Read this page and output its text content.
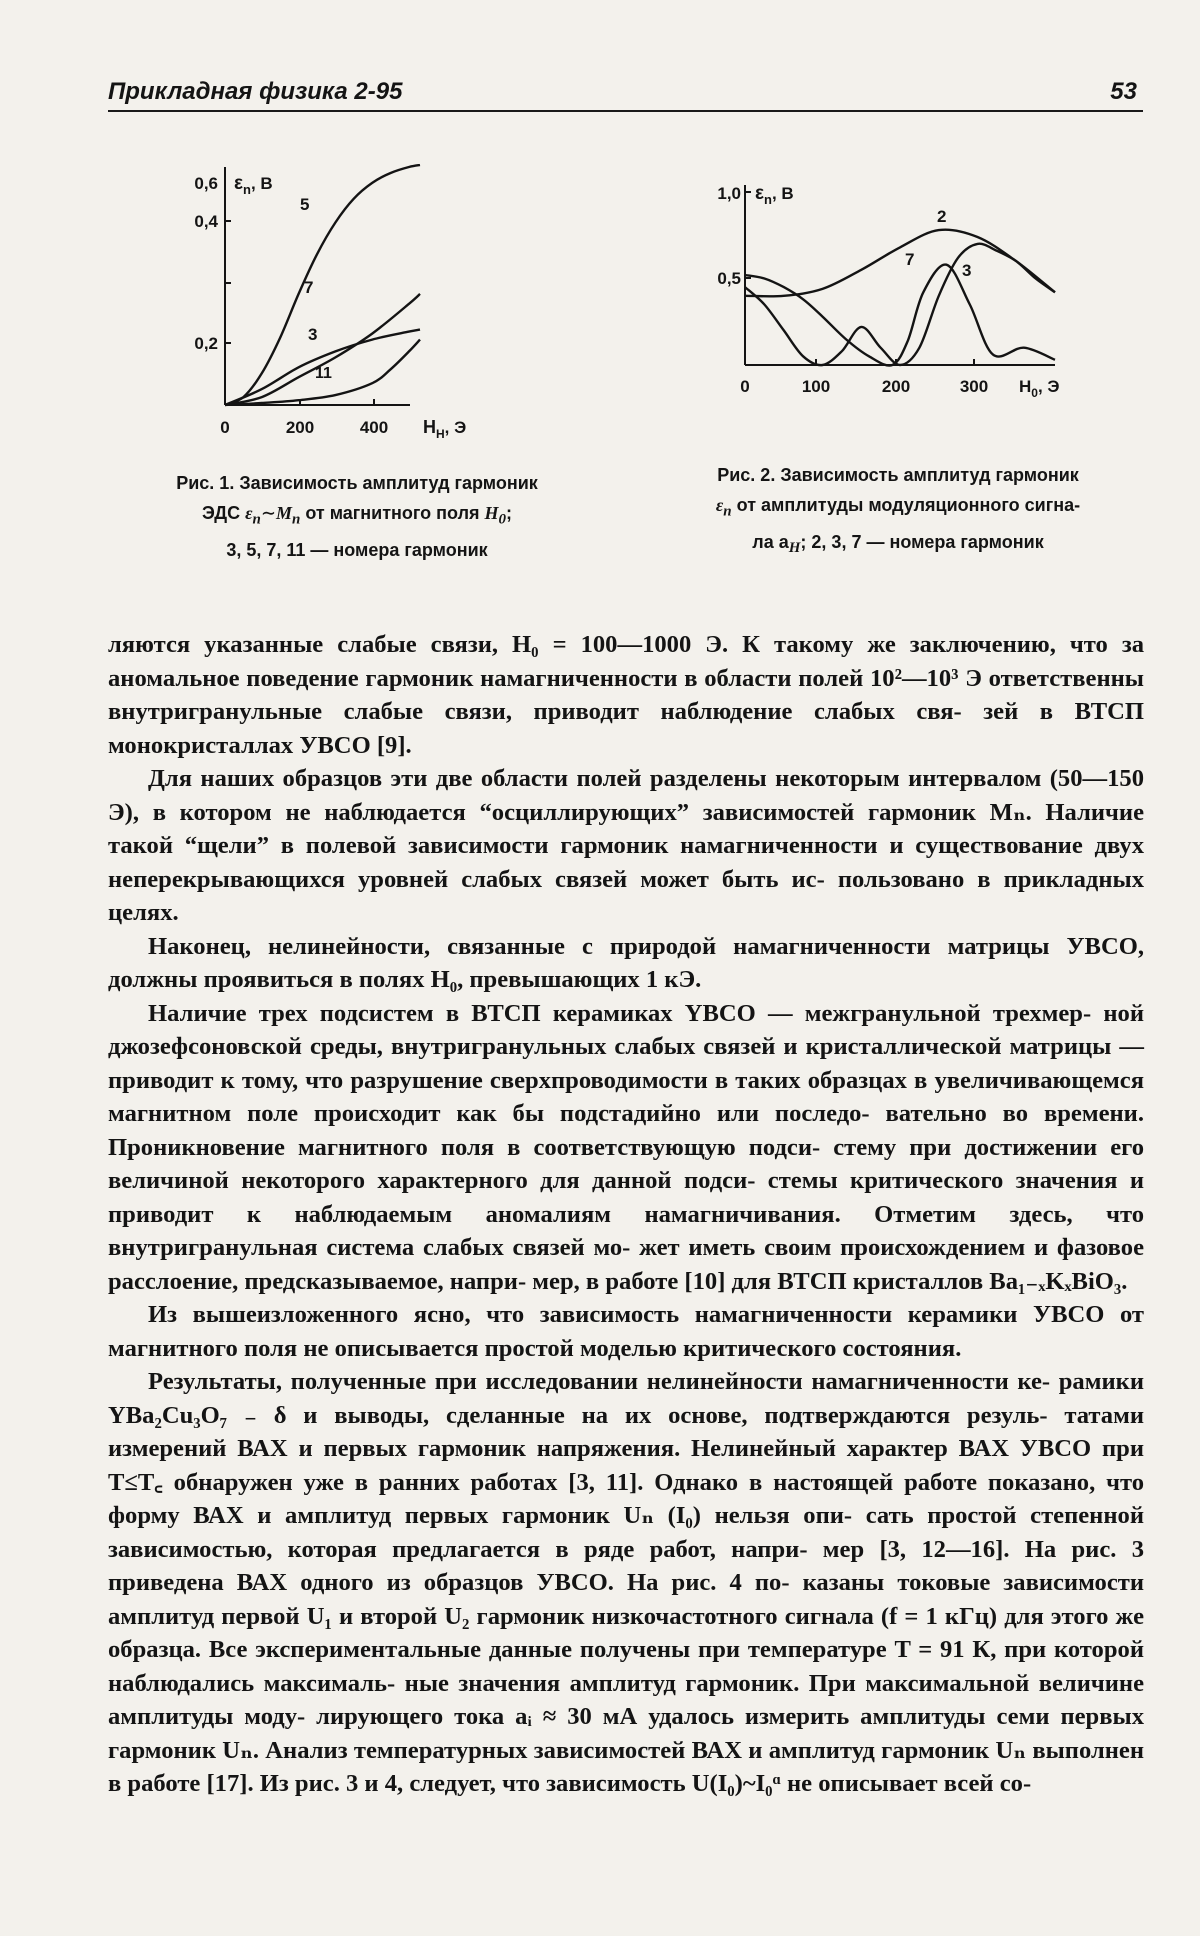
Прикладная физика 2-95	53
0,6
0,4
0,2
0	200	400
$\varepsilon_n$, В
$Н_H$, Э
5
7
3
11
Рис. 1. Зависимость амплитуд гармоник
ЭДС $\varepsilon_n\sim M_n$ от магнитного поля $H_0$;
3, 5, 7, 11 — номера гармоник
1,0
0,5
0	100	200	300
$\varepsilon_n$, В
$Н_0$, Э
2
7
3
Рис. 2. Зависимость амплитуд гармоник
$\varepsilon_n$ от амплитуды модуляционного сигна-
ла $a_H$; 2, 3, 7 — номера гармоник

ляются указанные слабые связи, H₀ = 100—1000 Э. К такому же заключению, что за аномальное поведение гармоник намагниченности в области полей 10²—10³ Э ответственны внутригранульные слабые связи, приводит наблюдение слабых свя- зей в ВТСП монокристаллах УВСО [9].

Для наших образцов эти две области полей разделены некоторым интервалом (50—150 Э), в котором не наблюдается “осциллирующих” зависимостей гармоник Mₙ. Наличие такой “щели” в полевой зависимости гармоник намагниченности и существование двух неперекрывающихся уровней слабых связей может быть ис- пользовано в прикладных целях.

Наконец, нелинейности, связанные с природой намагниченности матрицы УВСО, должны проявиться в полях H₀, превышающих 1 кЭ.

Наличие трех подсистем в ВТСП керамиках YBCO — межгранульной трехмер- ной джозефсоновской среды, внутригранульных слабых связей и кристаллической матрицы — приводит к тому, что разрушение сверхпроводимости в таких образцах в увеличивающемся магнитном поле происходит как бы подстадийно или последо- вательно во времени. Проникновение магнитного поля в соответствующую подси- стему при достижении его величиной некоторого характерного для данной подси- стемы критического значения и приводит к наблюдаемым аномалиям намагничивания. Отметим здесь, что внутригранульная система слабых связей мо- жет иметь своим происхождением и фазовое расслоение, предсказываемое, напри- мер, в работе [10] для ВТСП кристаллов Ba₁₋ₓKₓBiO₃.

Из вышеизложенного ясно, что зависимость намагниченности керамики УВСО от магнитного поля не описывается простой моделью критического состояния.

Результаты, полученные при исследовании нелинейности намагниченности ке- рамики YBa₂Cu₃O₇ ₋ δ и выводы, сделанные на их основе, подтверждаются резуль- татами измерений ВАХ и первых гармоник напряжения. Нелинейный характер ВАХ УВСО при T≤T꜀ обнаружен уже в ранних работах [3, 11]. Однако в настоящей работе показано, что форму ВАХ и амплитуд первых гармоник Uₙ (I₀) нельзя опи- сать простой степенной зависимостью, которая предлагается в ряде работ, напри- мер [3, 12—16]. На рис. 3 приведена ВАХ одного из образцов УВСО. На рис. 4 по- казаны токовые зависимости амплитуд первой U₁ и второй U₂ гармоник низкочастотного сигнала (f = 1 кГц) для этого же образца. Все экспериментальные данные получены при температуре T = 91 К, при которой наблюдались максималь- ные значения амплитуд гармоник. При максимальной величине амплитуды моду- лирующего тока aᵢ ≈ 30 мА удалось измерить амплитуды семи первых гармоник Uₙ. Анализ температурных зависимостей ВАХ и амплитуд гармоник Uₙ выполнен в работе [17]. Из рис. 3 и 4, следует, что зависимость U(I₀)~I₀ᵅ не описывает всей со-
